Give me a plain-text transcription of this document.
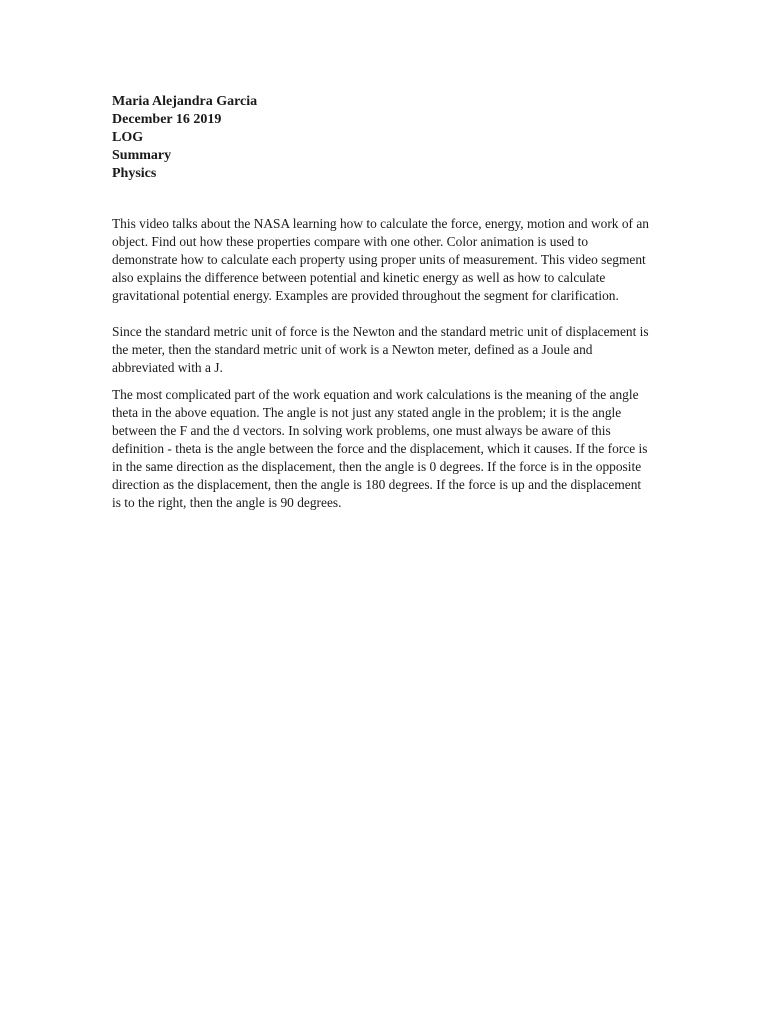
Maria Alejandra Garcia

December 16 2019

LOG

Summary

Physics

This video talks about the NASA learning how to calculate the force, energy, motion and work of an object. Find out how these properties compare with one other. Color animation is used to demonstrate how to calculate each property using proper units of measurement. This video segment also explains the difference between potential and kinetic energy as well as how to calculate gravitational potential energy. Examples are provided throughout the segment for clarification.

Since the standard metric unit of force is the Newton and the standard metric unit of displacement is the meter, then the standard metric unit of work is a Newton meter, defined as a Joule and abbreviated with a J.

The most complicated part of the work equation and work calculations is the meaning of the angle theta in the above equation. The angle is not just any stated angle in the problem; it is the angle between the F and the d vectors. In solving work problems, one must always be aware of this definition - theta is the angle between the force and the displacement, which it causes. If the force is in the same direction as the displacement, then the angle is 0 degrees. If the force is in the opposite direction as the displacement, then the angle is 180 degrees. If the force is up and the displacement is to the right, then the angle is 90 degrees.
